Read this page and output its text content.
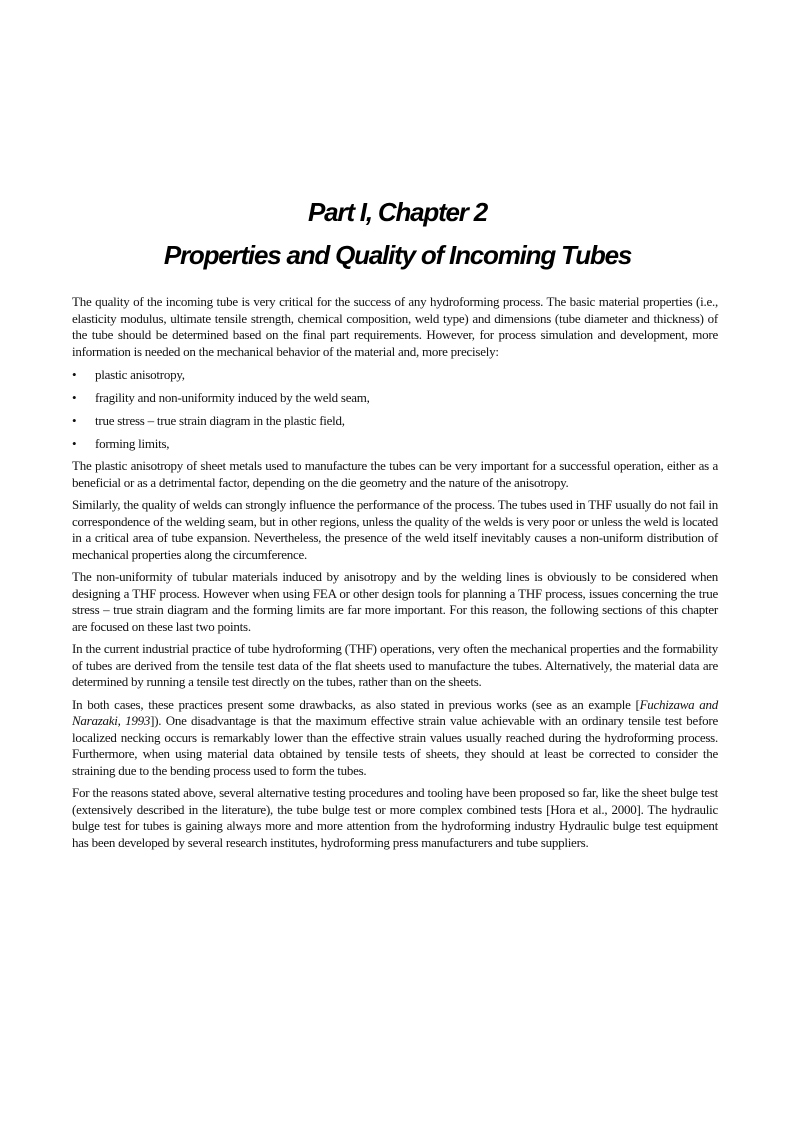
Part I, Chapter 2
Properties and Quality of Incoming Tubes

The quality of the incoming tube is very critical for the success of any hydroforming process. The basic material properties (i.e., elasticity modulus, ultimate tensile strength, chemical composition, weld type) and dimensions (tube diameter and thickness) of the tube should be determined based on the final part requirements. However, for process simulation and development, more information is needed on the mechanical behavior of the material and, more precisely:

• plastic anisotropy,
• fragility and non-uniformity induced by the weld seam,
• true stress – true strain diagram in the plastic field,
• forming limits,

The plastic anisotropy of sheet metals used to manufacture the tubes can be very important for a successful operation, either as a beneficial or as a detrimental factor, depending on the die geometry and the nature of the anisotropy.

Similarly, the quality of welds can strongly influence the performance of the process. The tubes used in THF usually do not fail in correspondence of the welding seam, but in other regions, unless the quality of the welds is very poor or unless the weld is located in a critical area of tube expansion. Nevertheless, the presence of the weld itself inevitably causes a non-uniform distribution of mechanical properties along the circumference.

The non-uniformity of tubular materials induced by anisotropy and by the welding lines is obviously to be considered when designing a THF process. However when using FEA or other design tools for planning a THF process, issues concerning the true stress – true strain diagram and the forming limits are far more important. For this reason, the following sections of this chapter are focused on these last two points.

In the current industrial practice of tube hydroforming (THF) operations, very often the mechanical properties and the formability of tubes are derived from the tensile test data of the flat sheets used to manufacture the tubes. Alternatively, the material data are determined by running a tensile test directly on the tubes, rather than on the sheets.

In both cases, these practices present some drawbacks, as also stated in previous works (see as an example [Fuchizawa and Narazaki, 1993]). One disadvantage is that the maximum effective strain value achievable with an ordinary tensile test before localized necking occurs is remarkably lower than the effective strain values usually reached during the hydroforming process. Furthermore, when using material data obtained by tensile tests of sheets, they should at least be corrected to consider the straining due to the bending process used to form the tubes.

For the reasons stated above, several alternative testing procedures and tooling have been proposed so far, like the sheet bulge test (extensively described in the literature), the tube bulge test or more complex combined tests [Hora et al., 2000]. The hydraulic bulge test for tubes is gaining always more and more attention from the hydroforming industry Hydraulic bulge test equipment has been developed by several research institutes, hydroforming press manufacturers and tube suppliers.
